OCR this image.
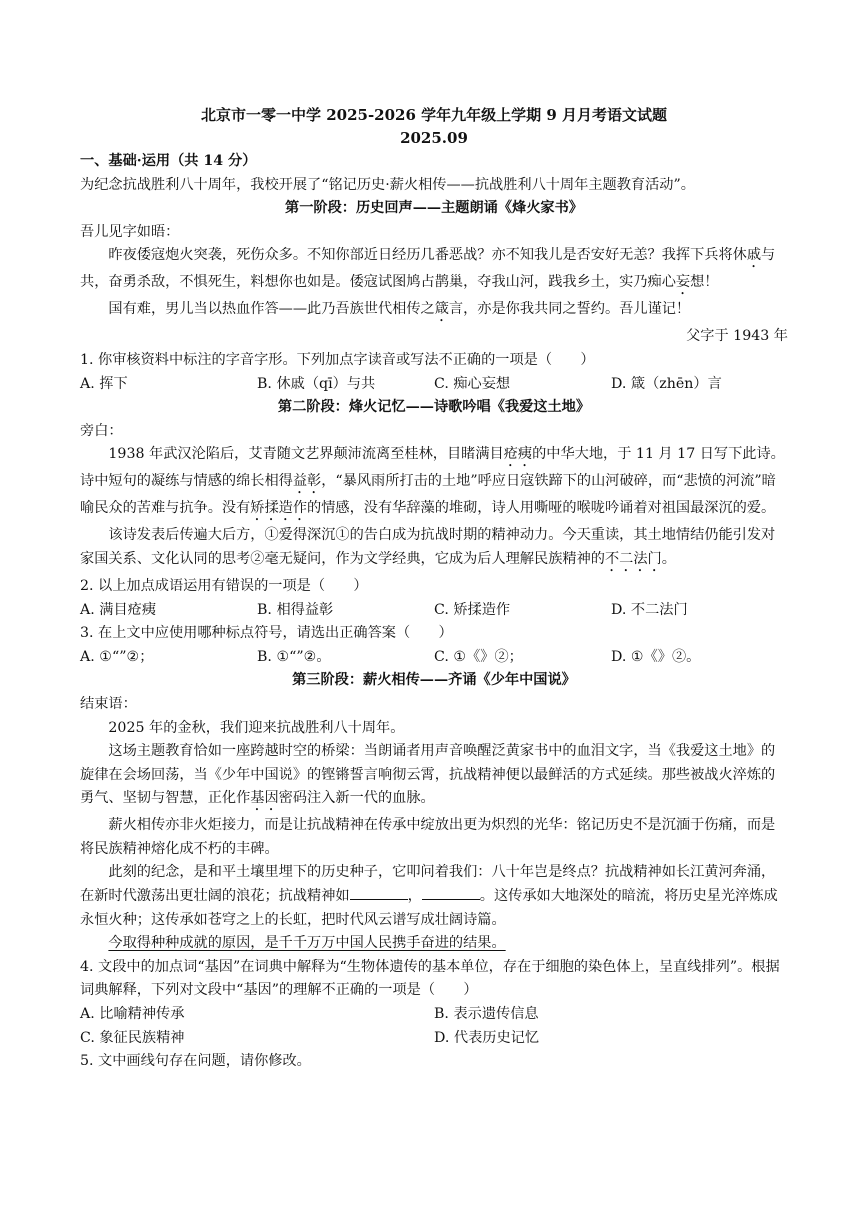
北京市一零一中学 2025-2026 学年九年级上学期 9 月月考语文试题

2025.09

一、基础·运用（共 14 分）

为纪念抗战胜利八十周年，我校开展了“铭记历史·薪火相传——抗战胜利八十周年主题教育活动”。

第一阶段：历史回声——主题朗诵《烽火家书》

吾儿见字如晤：

昨夜倭寇炮火突袭，死伤众多。不知你部近日经历几番恶战？亦不知我儿是否安好无恙？我挥下兵将休戚与共，奋勇杀敌，不惧死生，料想你也如是。倭寇试图鸠占鹊巢，夺我山河，践我乡土，实乃痴心妄想！

国有难，男儿当以热血作答——此乃吾族世代相传之箴言，亦是你我共同之誓约。吾儿谨记！

父字于 1943 年

1. 你审核资料中标注的字音字形。下列加点字读音或写法不正确的一项是（　　）

A. 挥下	B. 休戚（qī）与共	C. 痴心妄想	D. 箴（zhēn）言

第二阶段：烽火记忆——诗歌吟唱《我爱这土地》

旁白：

1938 年武汉沦陷后，艾青随文艺界颠沛流离至桂林，目睹满目疮痍的中华大地，于 11 月 17 日写下此诗。诗中短句的凝练与情感的绵长相得益彰，“暴风雨所打击的土地”呼应日寇铁蹄下的山河破碎，而“悲愤的河流”暗喻民众的苦难与抗争。没有矫揉造作的情感，没有华辞藻的堆砌，诗人用嘶哑的喉咙吟诵着对祖国最深沉的爱。

该诗发表后传遍大后方，①爱得深沉①的告白成为抗战时期的精神动力。今天重读，其土地情结仍能引发对家国关系、文化认同的思考②毫无疑问，作为文学经典，它成为后人理解民族精神的不二法门。

2. 以上加点成语运用有错误的一项是（　　）

A. 满目疮痍	B. 相得益彰	C. 矫揉造作	D. 不二法门

3. 在上文中应使用哪种标点符号，请选出正确答案（　　）

A. ①“”②；	B. ①“”②。	C. ①《》②；	D. ①《》②。

第三阶段：薪火相传——齐诵《少年中国说》

结束语：

2025 年的金秋，我们迎来抗战胜利八十周年。

这场主题教育恰如一座跨越时空的桥梁：当朗诵者用声音唤醒泛黄家书中的血泪文字，当《我爱这土地》的旋律在会场回荡，当《少年中国说》的铿锵誓言响彻云霄，抗战精神便以最鲜活的方式延续。那些被战火淬炼的勇气、坚韧与智慧，正化作基因密码注入新一代的血脉。

薪火相传亦非火炬接力，而是让抗战精神在传承中绽放出更为炽烈的光华：铭记历史不是沉湎于伤痛，而是将民族精神熔化成不朽的丰碑。

此刻的纪念，是和平土壤里埋下的历史种子，它叩问着我们：八十年岂是终点？抗战精神如长江黄河奔涌，在新时代激荡出更壮阔的浪花；抗战精神如	，	。这传承如大地深处的暗流，将历史星光淬炼成永恒火种；这传承如苍穹之上的长虹，把时代风云谱写成壮阔诗篇。

今取得种种成就的原因，是千千万万中国人民携手奋进的结果。

4. 文段中的加点词“基因”在词典中解释为“生物体遗传的基本单位，存在于细胞的染色体上，呈直线排列”。根据词典解释，下列对文段中“基因”的理解不正确的一项是（　　）

A. 比喻精神传承	B. 表示遗传信息
C. 象征民族精神	D. 代表历史记忆

5. 文中画线句存在问题，请你修改。
